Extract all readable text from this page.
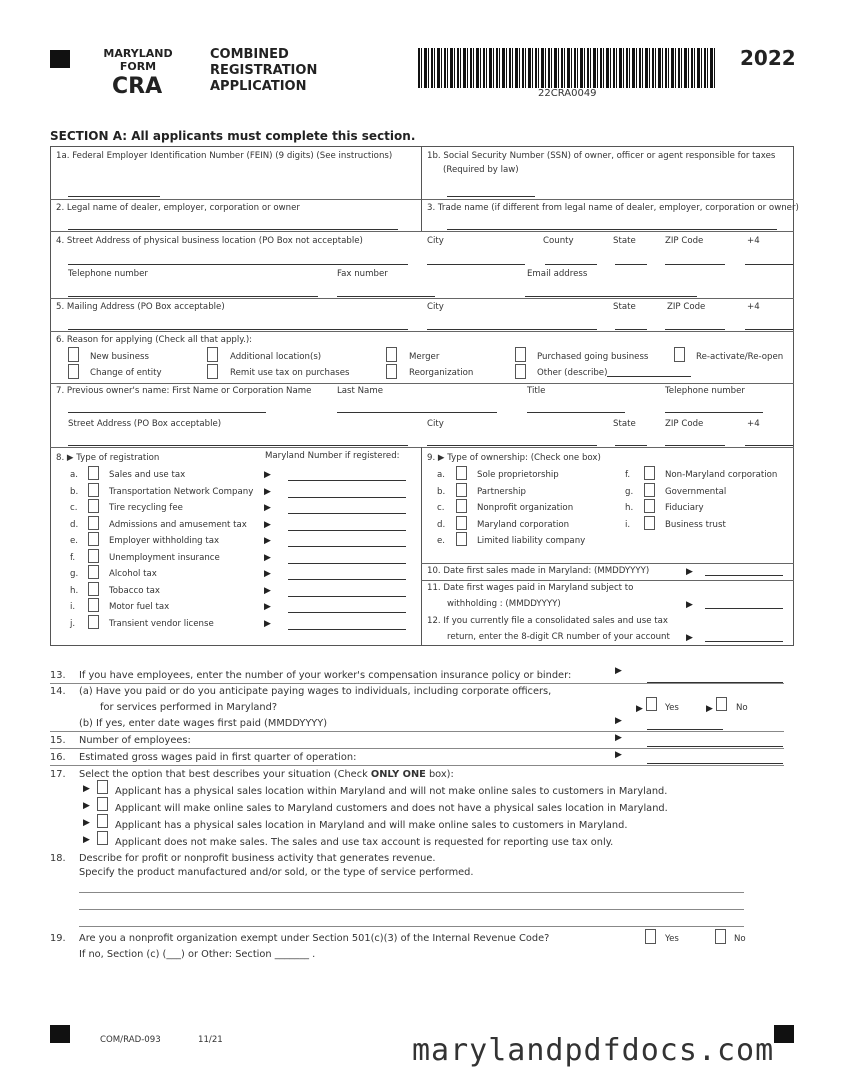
MARYLAND
FORM
CRA
COMBINED
REGISTRATION
APPLICATION	22CRA0049
2022
SECTION A: All applicants must complete this section.
1a. Federal Employer Identification Number (FEIN) (9 digits) (See instructions)	1b. Social Security Number (SSN) of owner, officer or agent responsible for taxes
(Required by law)
2. Legal name of dealer, employer, corporation or owner	3. Trade name (if different from legal name of dealer, employer, corporation or owner)
4. Street Address of physical business location (PO Box not acceptable)	City	County	State	ZIP Code	+4
Telephone number	Fax number	Email address
5. Mailing Address (PO Box acceptable)	City	State	ZIP Code	+4
6. Reason for applying (Check all that apply.):
New business	Additional location(s)	Merger	Purchased going business	Re-activate/Re-open
Change of entity	Remit use tax on purchases	Reorganization	Other (describe)
7. Previous owner's name: First Name or Corporation Name	Last Name	Title	Telephone number
Street Address (PO Box acceptable)	City	State	ZIP Code	+4
8. ▶ Type of registration	Maryland Number if registered:
a.	Sales and use tax	▶
b.	Transportation Network Company ▶
c.	Tire recycling fee	▶
d.	Admissions and amusement tax ▶
e.	Employer withholding tax	▶
f.	Unemployment insurance	▶
g.	Alcohol tax	▶
h.	Tobacco tax	▶
i.	Motor fuel tax	▶
j.	Transient vendor license	▶
9. ▶ Type of ownership: (Check one box)
a.	Sole proprietorship
b.	Partnership
c.	Nonprofit organization
d.	Maryland corporation
e.	Limited liability company
f.	Non-Maryland corporation
g.	Governmental
h.	Fiduciary
i.	Business trust
10. Date first sales made in Maryland: (MMDDYYYY)	▶
11. Date first wages paid in Maryland subject to
withholding : (MMDDYYYY)	▶
12. If you currently file a consolidated sales and use tax
return, enter the 8-digit CR number of your account ▶
13. If you have employees, enter the number of your worker's compensation insurance policy or binder:	▶
14. (a) Have you paid or do you anticipate paying wages to individuals, including corporate officers,
for services performed in Maryland?	▶	Yes	▶	No
(b) If yes, enter date wages first paid (MMDDYYYY)	▶
15. Number of employees:	▶
16. Estimated gross wages paid in first quarter of operation:	▶
17. Select the option that best describes your situation (Check ONLY ONE box):
▶	Applicant has a physical sales location within Maryland and will not make online sales to customers in Maryland.
▶	Applicant will make online sales to Maryland customers and does not have a physical sales location in Maryland.
▶	Applicant has a physical sales location in Maryland and will make online sales to customers in Maryland.
▶	Applicant does not make sales. The sales and use tax account is requested for reporting use tax only.
18. Describe for profit or nonprofit business activity that generates revenue.
Specify the product manufactured and/or sold, or the type of service performed.
19. Are you a nonprofit organization exempt under Section 501(c)(3) of the Internal Revenue Code?	Yes	No
If no, Section (c) (___) or Other: Section _______ .
COM/RAD-093	11/21	marylandpdfdocs.com
